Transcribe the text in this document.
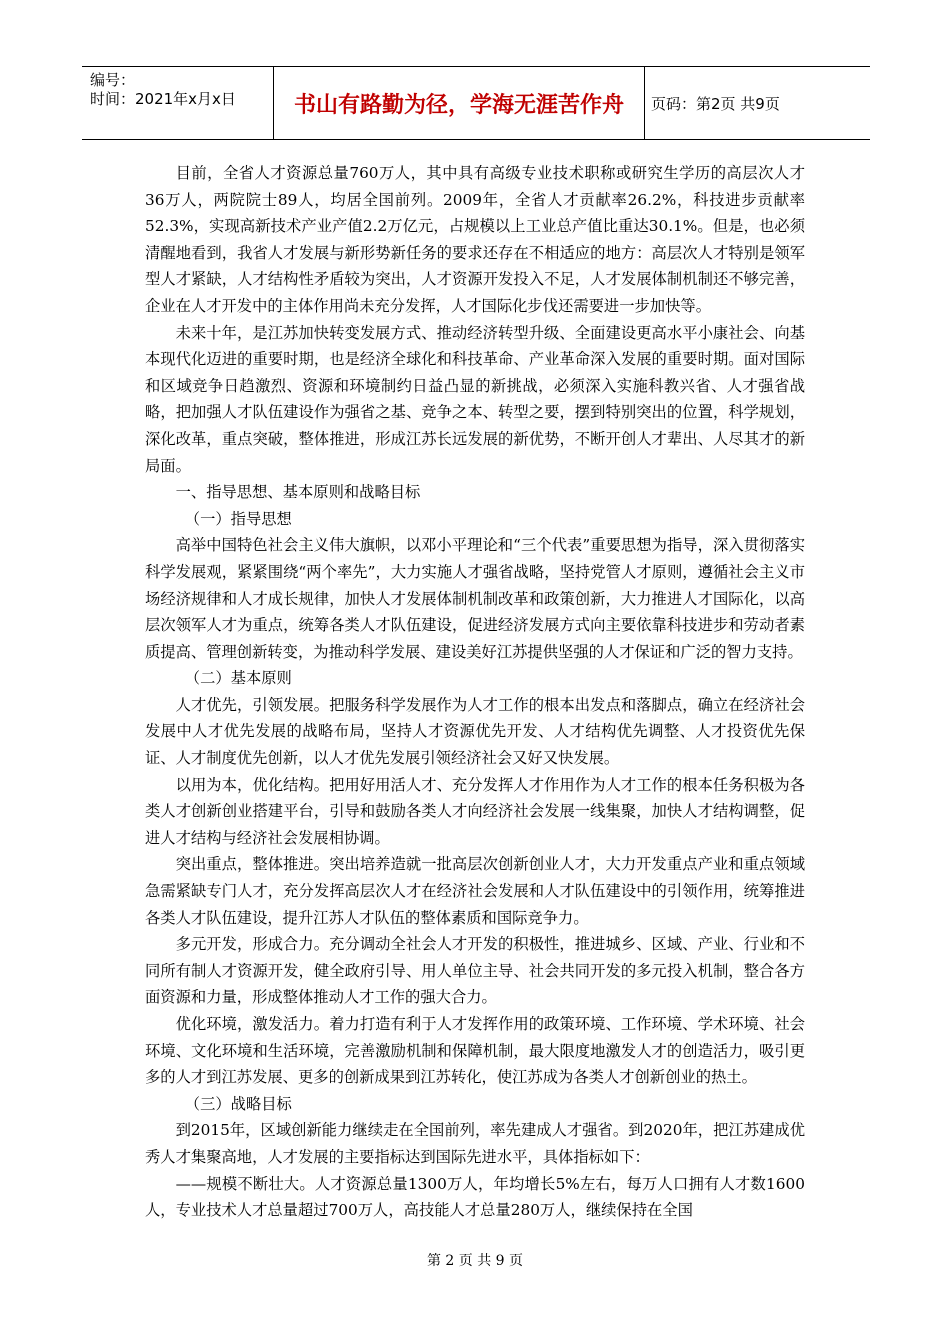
编号：
时间：2021年x月x日	书山有路勤为径，学海无涯苦作舟	页码：第2页 共9页

目前，全省人才资源总量760万人，其中具有高级专业技术职称或研究生学历的高层次人才36万人，两院院士89人，均居全国前列。2009年，全省人才贡献率26.2%，科技进步贡献率52.3%，实现高新技术产业产值2.2万亿元，占规模以上工业总产值比重达30.1%。但是，也必须清醒地看到，我省人才发展与新形势新任务的要求还存在不相适应的地方：高层次人才特别是领军型人才紧缺，人才结构性矛盾较为突出，人才资源开发投入不足，人才发展体制机制还不够完善，企业在人才开发中的主体作用尚未充分发挥，人才国际化步伐还需要进一步加快等。

未来十年，是江苏加快转变发展方式、推动经济转型升级、全面建设更高水平小康社会、向基本现代化迈进的重要时期，也是经济全球化和科技革命、产业革命深入发展的重要时期。面对国际和区域竞争日趋激烈、资源和环境制约日益凸显的新挑战，必须深入实施科教兴省、人才强省战略，把加强人才队伍建设作为强省之基、竞争之本、转型之要，摆到特别突出的位置，科学规划，深化改革，重点突破，整体推进，形成江苏长远发展的新优势，不断开创人才辈出、人尽其才的新局面。

一、指导思想、基本原则和战略目标

（一）指导思想

高举中国特色社会主义伟大旗帜，以邓小平理论和“三个代表”重要思想为指导，深入贯彻落实科学发展观，紧紧围绕“两个率先”，大力实施人才强省战略，坚持党管人才原则，遵循社会主义市场经济规律和人才成长规律，加快人才发展体制机制改革和政策创新，大力推进人才国际化，以高层次领军人才为重点，统筹各类人才队伍建设，促进经济发展方式向主要依靠科技进步和劳动者素质提高、管理创新转变，为推动科学发展、建设美好江苏提供坚强的人才保证和广泛的智力支持。

（二）基本原则

人才优先，引领发展。把服务科学发展作为人才工作的根本出发点和落脚点，确立在经济社会发展中人才优先发展的战略布局，坚持人才资源优先开发、人才结构优先调整、人才投资优先保证、人才制度优先创新，以人才优先发展引领经济社会又好又快发展。

以用为本，优化结构。把用好用活人才、充分发挥人才作用作为人才工作的根本任务积极为各类人才创新创业搭建平台，引导和鼓励各类人才向经济社会发展一线集聚，加快人才结构调整，促进人才结构与经济社会发展相协调。

突出重点，整体推进。突出培养造就一批高层次创新创业人才，大力开发重点产业和重点领域急需紧缺专门人才，充分发挥高层次人才在经济社会发展和人才队伍建设中的引领作用，统筹推进各类人才队伍建设，提升江苏人才队伍的整体素质和国际竞争力。

多元开发，形成合力。充分调动全社会人才开发的积极性，推进城乡、区域、产业、行业和不同所有制人才资源开发，健全政府引导、用人单位主导、社会共同开发的多元投入机制，整合各方面资源和力量，形成整体推动人才工作的强大合力。

优化环境，激发活力。着力打造有利于人才发挥作用的政策环境、工作环境、学术环境、社会环境、文化环境和生活环境，完善激励机制和保障机制，最大限度地激发人才的创造活力，吸引更多的人才到江苏发展、更多的创新成果到江苏转化，使江苏成为各类人才创新创业的热土。

（三）战略目标

到2015年，区域创新能力继续走在全国前列，率先建成人才强省。到2020年，把江苏建成优秀人才集聚高地，人才发展的主要指标达到国际先进水平，具体指标如下：

——规模不断壮大。人才资源总量1300万人，年均增长5%左右，每万人口拥有人才数1600人，专业技术人才总量超过700万人，高技能人才总量280万人，继续保持在全国

第 2 页 共 9 页
